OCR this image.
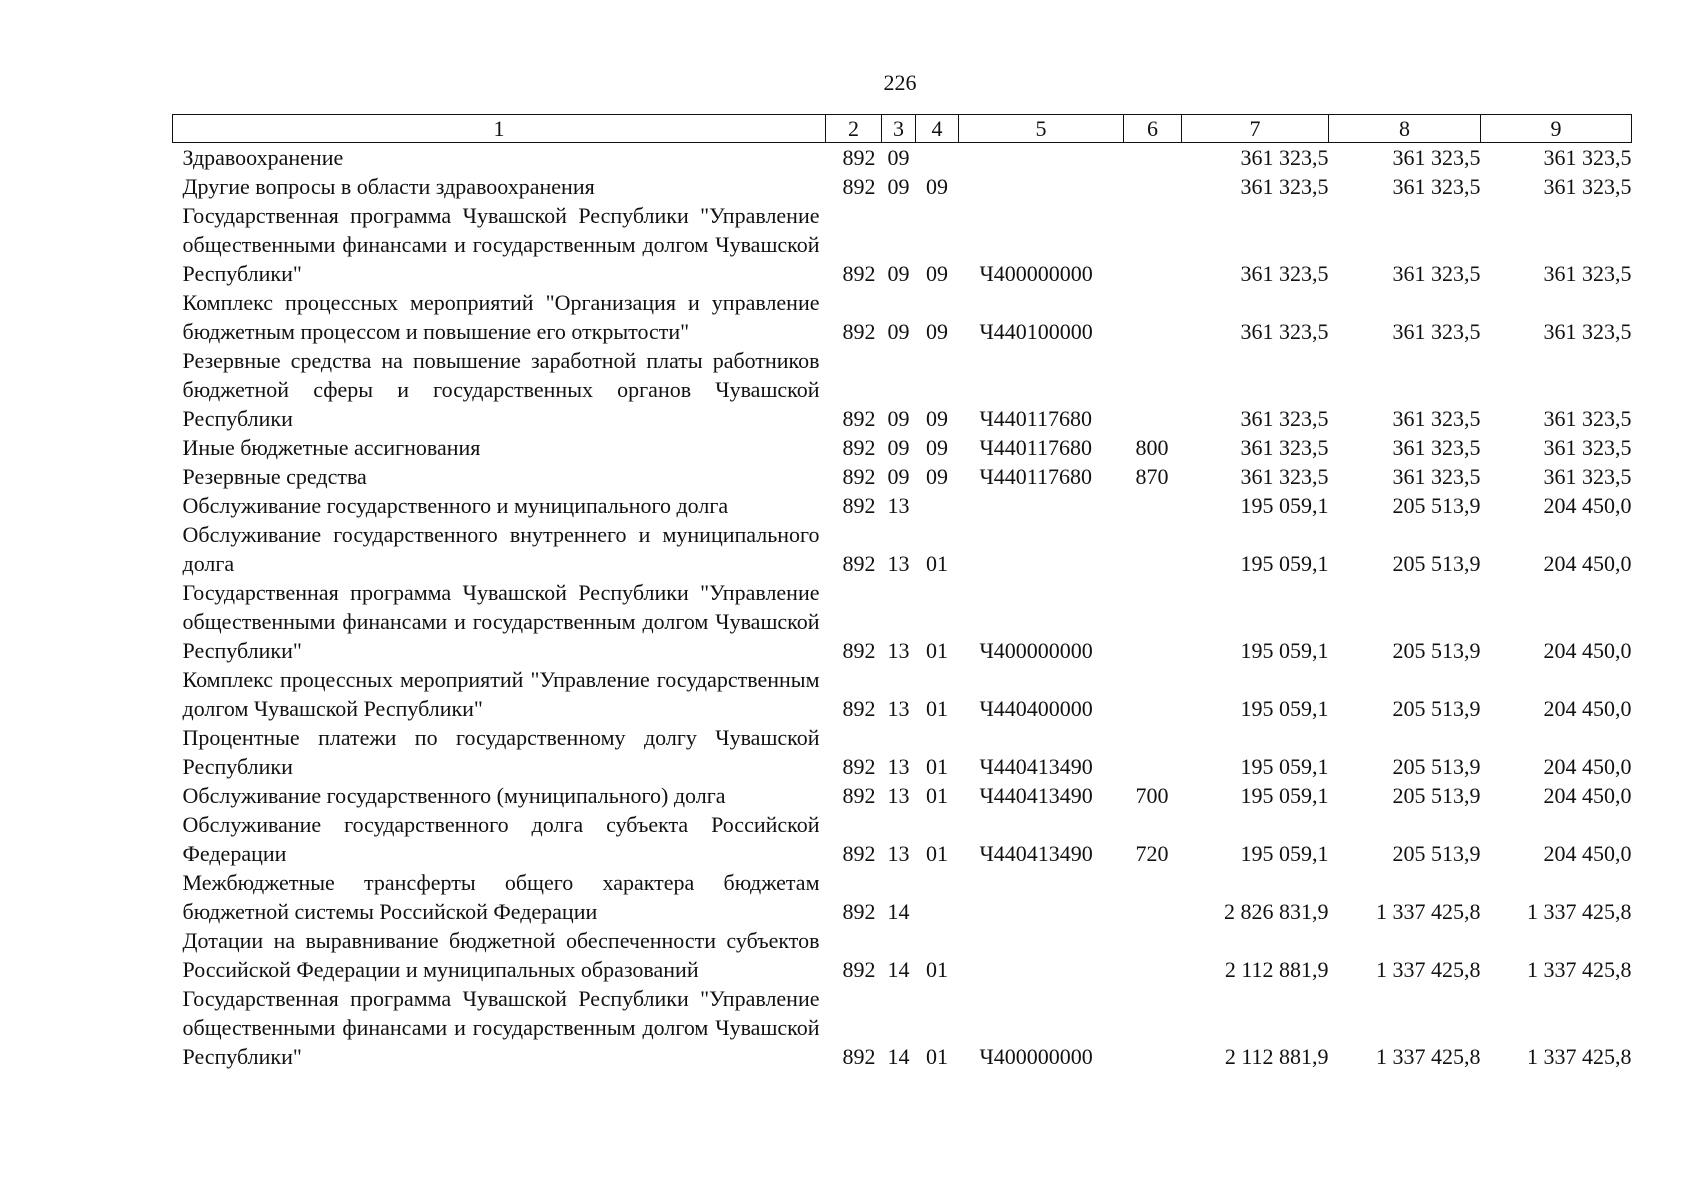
226
1	2	3	4	5	6	7	8	9
Здравоохранение	892	09				361 323,5	361 323,5	361 323,5
Другие вопросы в области здравоохранения	892	09	09			361 323,5	361 323,5	361 323,5
Государственная программа Чувашской Республики "Управление общественными финансами и государственным долгом Чувашской Республики"	892	09	09	Ч400000000		361 323,5	361 323,5	361 323,5
Комплекс процессных мероприятий "Организация и управление бюджетным процессом и повышение его открытости"	892	09	09	Ч440100000		361 323,5	361 323,5	361 323,5
Резервные средства на повышение заработной платы работников бюджетной сферы и государственных органов Чувашской Республики	892	09	09	Ч440117680		361 323,5	361 323,5	361 323,5
Иные бюджетные ассигнования	892	09	09	Ч440117680	800	361 323,5	361 323,5	361 323,5
Резервные средства	892	09	09	Ч440117680	870	361 323,5	361 323,5	361 323,5
Обслуживание государственного и муниципального долга	892	13				195 059,1	205 513,9	204 450,0
Обслуживание государственного внутреннего и муниципального долга	892	13	01			195 059,1	205 513,9	204 450,0
Государственная программа Чувашской Республики "Управление общественными финансами и государственным долгом Чувашской Республики"	892	13	01	Ч400000000		195 059,1	205 513,9	204 450,0
Комплекс процессных мероприятий "Управление государственным долгом Чувашской Республики"	892	13	01	Ч440400000		195 059,1	205 513,9	204 450,0
Процентные платежи по государственному долгу Чувашской Республики	892	13	01	Ч440413490		195 059,1	205 513,9	204 450,0
Обслуживание государственного (муниципального) долга	892	13	01	Ч440413490	700	195 059,1	205 513,9	204 450,0
Обслуживание государственного долга субъекта Российской Федерации	892	13	01	Ч440413490	720	195 059,1	205 513,9	204 450,0
Межбюджетные трансферты общего характера бюджетам бюджетной системы Российской Федерации	892	14				2 826 831,9	1 337 425,8	1 337 425,8
Дотации на выравнивание бюджетной обеспеченности субъектов Российской Федерации и муниципальных образований	892	14	01			2 112 881,9	1 337 425,8	1 337 425,8
Государственная программа Чувашской Республики "Управление общественными финансами и государственным долгом Чувашской Республики"	892	14	01	Ч400000000		2 112 881,9	1 337 425,8	1 337 425,8
